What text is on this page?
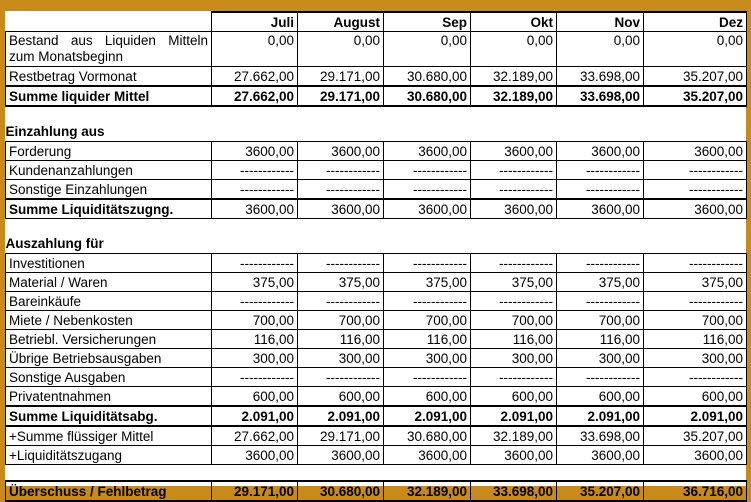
	Juli	August	Sep	Okt	Nov	Dez
Bestand aus Liquiden Mitteln zum Monatsbeginn	0,00	0,00	0,00	0,00	0,00	0,00
Restbetrag Vormonat	27.662,00	29.171,00	30.680,00	32.189,00	33.698,00	35.207,00
Summe liquider Mittel	27.662,00	29.171,00	30.680,00	32.189,00	33.698,00	35.207,00

Einzahlung aus						
Forderung	3600,00	3600,00	3600,00	3600,00	3600,00	3600,00
Kundenanzahlungen	------------	------------	------------	------------	------------	------------
Sonstige Einzahlungen	------------	------------	------------	------------	------------	------------
Summe Liquiditätszugng.	3600,00	3600,00	3600,00	3600,00	3600,00	3600,00

Auszahlung für						
Investitionen	------------	------------	------------	------------	------------	------------
Material / Waren	375,00	375,00	375,00	375,00	375,00	375,00
Bareinkäufe	------------	------------	------------	------------	------------	------------
Miete / Nebenkosten	700,00	700,00	700,00	700,00	700,00	700,00
Betriebl. Versicherungen	116,00	116,00	116,00	116,00	116,00	116,00
Übrige Betriebsausgaben	300,00	300,00	300,00	300,00	300,00	300,00
Sonstige Ausgaben	------------	------------	------------	------------	------------	------------
Privatentnahmen	600,00	600,00	600,00	600,00	600,00	600,00
Summe Liquiditätsabg.	2.091,00	2.091,00	2.091,00	2.091,00	2.091,00	2.091,00
+Summe flüssiger Mittel	27.662,00	29.171,00	30.680,00	32.189,00	33.698,00	35.207,00
+Liquiditätszugang	3600,00	3600,00	3600,00	3600,00	3600,00	3600,00

Überschuss / Fehlbetrag	29.171,00	30.680,00	32.189,00	33.698,00	35.207,00	36.716,00
